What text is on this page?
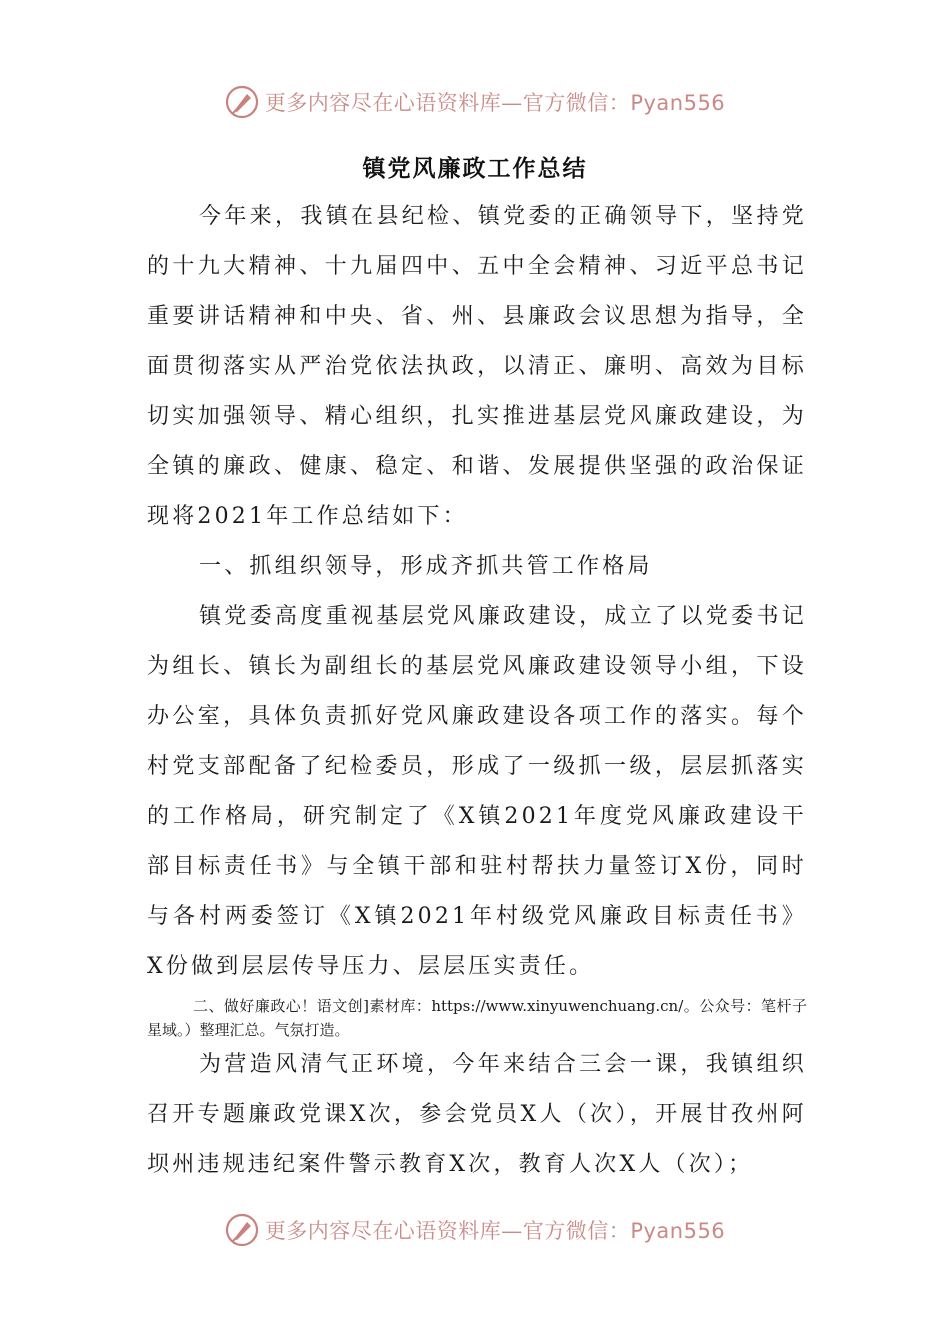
更多内容尽在心语资料库—官方微信：Pyan556
镇党风廉政工作总结
今年来，我镇在县纪检、镇党委的正确领导下，坚持党的十九大精神、十九届四中、五中全会精神、习近平总书记重要讲话精神和中央、省、州、县廉政会议思想为指导，全面贯彻落实从严治党依法执政，以清正、廉明、高效为目标切实加强领导、精心组织，扎实推进基层党风廉政建设，为全镇的廉政、健康、稳定、和谐、发展提供坚强的政治保证现将2021年工作总结如下：
一、抓组织领导，形成齐抓共管工作格局
镇党委高度重视基层党风廉政建设，成立了以党委书记为组长、镇长为副组长的基层党风廉政建设领导小组，下设办公室，具体负责抓好党风廉政建设各项工作的落实。每个村党支部配备了纪检委员，形成了一级抓一级，层层抓落实的工作格局，研究制定了《X镇2021年度党风廉政建设干部目标责任书》与全镇干部和驻村帮扶力量签订X份，同时与各村两委签订《X镇2021年村级党风廉政目标责任书》X份做到层层传导压力、层层压实责任。
二、做好廉政心！语文创]素材库：https://www.xinyuwenchuang.cn/。公众号：笔杆子星域。）整理汇总。气氛打造。
为营造风清气正环境，今年来结合三会一课，我镇组织召开专题廉政党课X次，参会党员X人（次），开展甘孜州阿坝州违规违纪案件警示教育X次，教育人次X人（次）；
更多内容尽在心语资料库—官方微信：Pyan556
